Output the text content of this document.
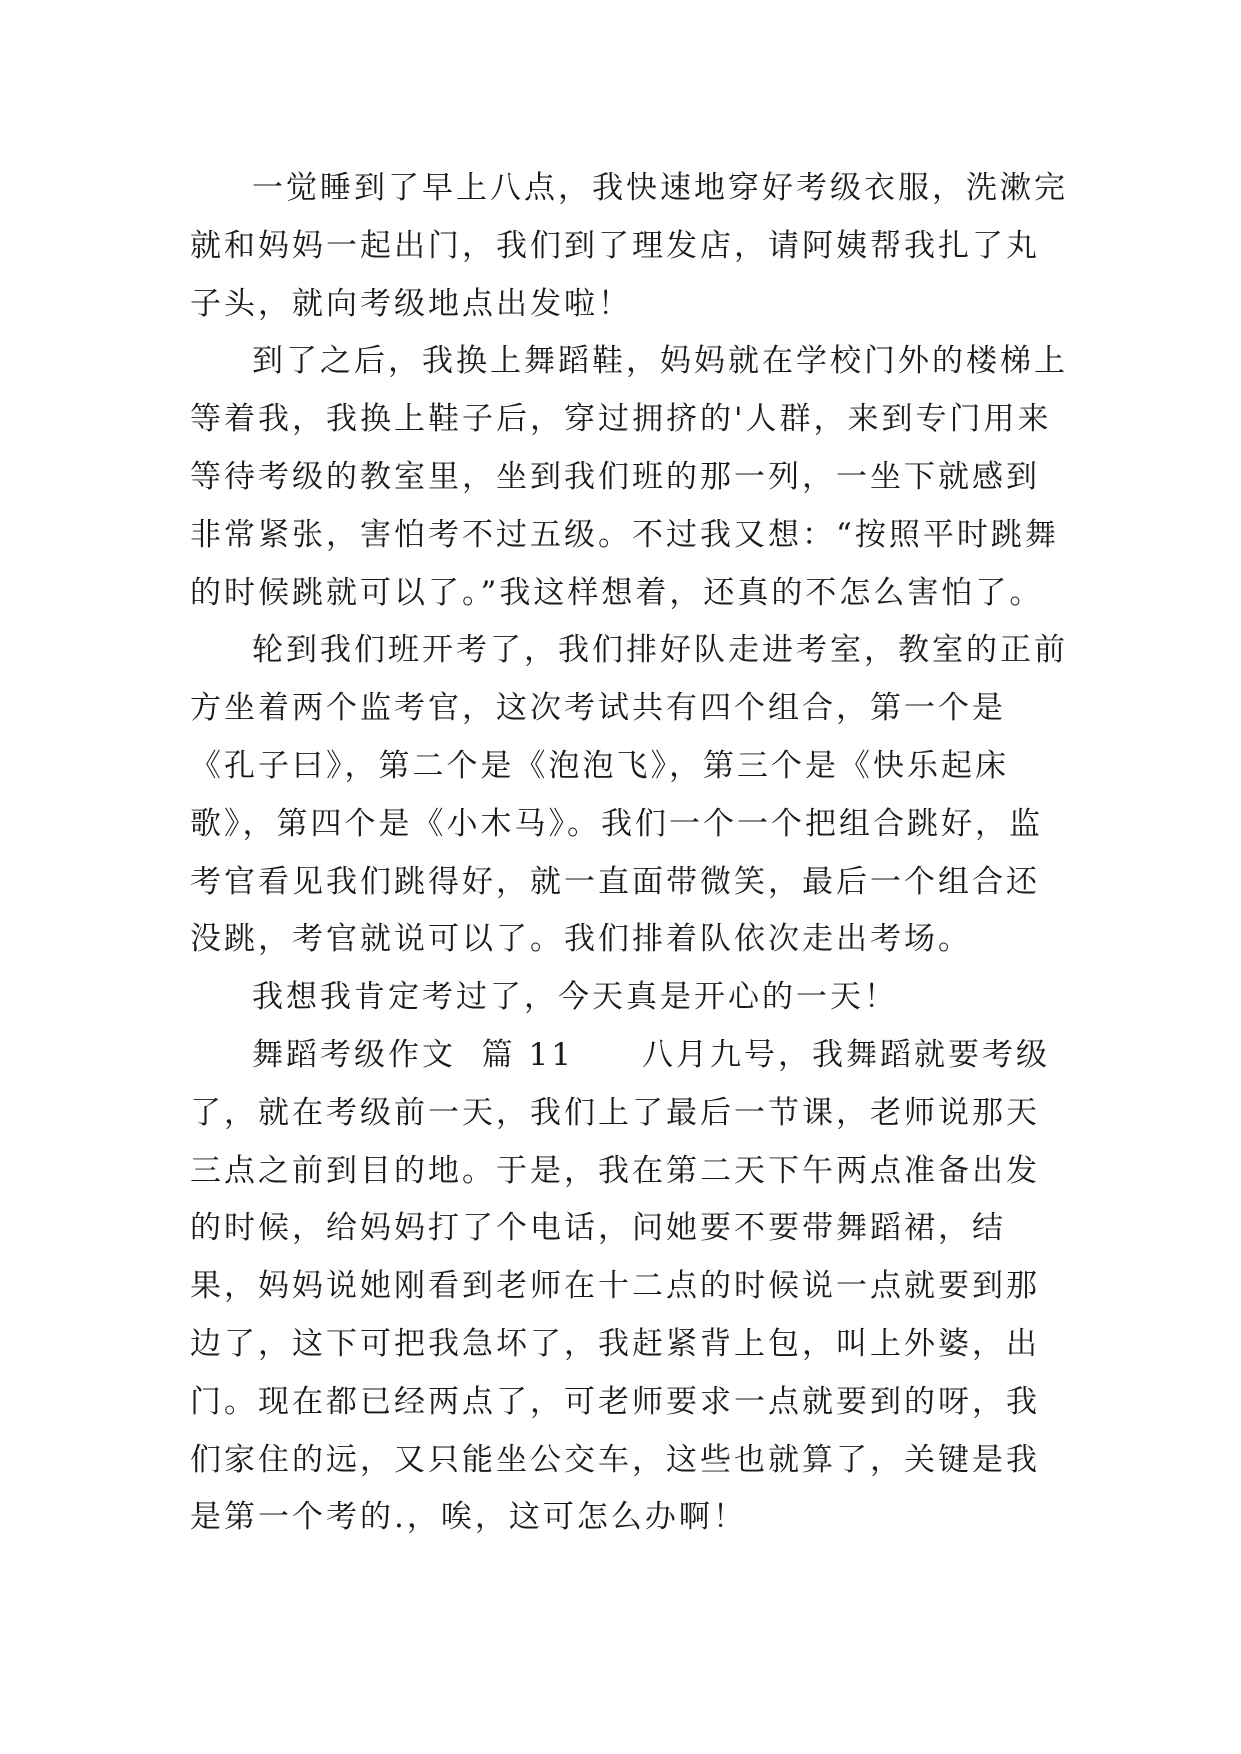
一觉睡到了早上八点，我快速地穿好考级衣服，洗漱完就和妈妈一起出门，我们到了理发店，请阿姨帮我扎了丸子头，就向考级地点出发啦！

到了之后，我换上舞蹈鞋，妈妈就在学校门外的楼梯上等着我，我换上鞋子后，穿过拥挤的'人群，来到专门用来等待考级的教室里，坐到我们班的那一列，一坐下就感到非常紧张，害怕考不过五级。不过我又想：“按照平时跳舞的时候跳就可以了。”我这样想着，还真的不怎么害怕了。

轮到我们班开考了，我们排好队走进考室，教室的正前方坐着两个监考官，这次考试共有四个组合，第一个是《孔子曰》，第二个是《泡泡飞》，第三个是《快乐起床歌》，第四个是《小木马》。我们一个一个把组合跳好，监考官看见我们跳得好，就一直面带微笑，最后一个组合还没跳，考官就说可以了。我们排着队依次走出考场。

我想我肯定考过了，今天真是开心的一天！

舞蹈考级作文  篇 11　　 八月九号，我舞蹈就要考级了，就在考级前一天，我们上了最后一节课，老师说那天三点之前到目的地。于是，我在第二天下午两点准备出发的时候，给妈妈打了个电话，问她要不要带舞蹈裙，结果，妈妈说她刚看到老师在十二点的时候说一点就要到那边了，这下可把我急坏了，我赶紧背上包，叫上外婆，出门。现在都已经两点了，可老师要求一点就要到的呀，我们家住的远，又只能坐公交车，这些也就算了，关键是我是第一个考的.，唉，这可怎么办啊！
